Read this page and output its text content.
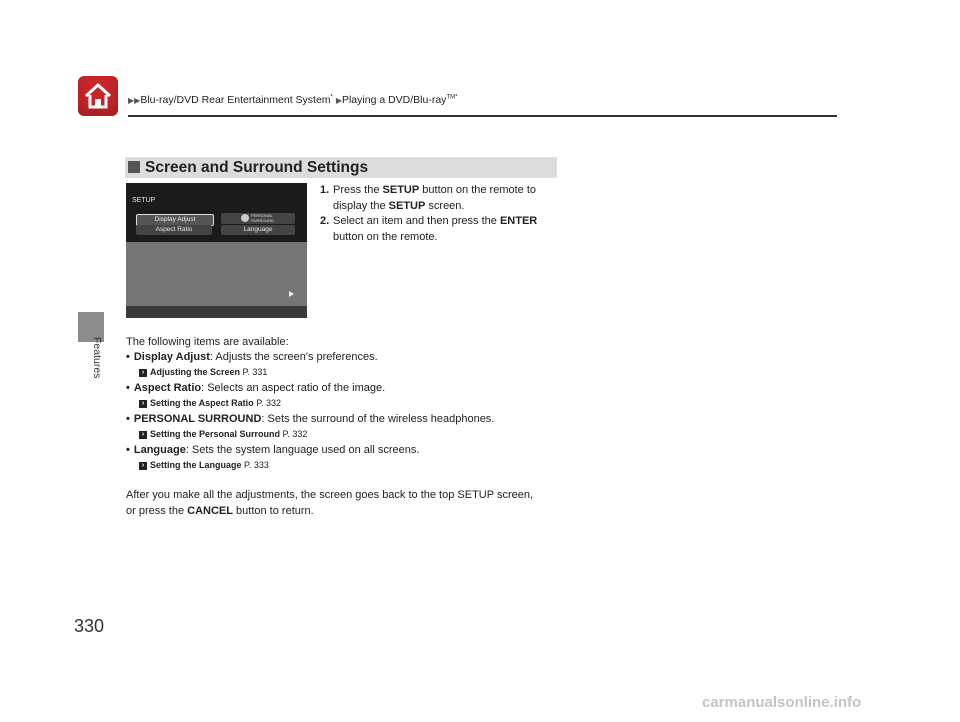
▶▶Blu-ray/DVD Rear Entertainment System* ▶Playing a DVD/Blu-ray$^{TM*}$
Features
330
Screen and Surround Settings
SETUP
Display Adjust
Aspect Ratio
PERSONAL SURROUND
Language
1. Press the SETUP button on the remote to
display the SETUP screen.
2. Select an item and then press the ENTER
button on the remote.
The following items are available:
• Display Adjust: Adjusts the screen's preferences.
› Adjusting the Screen P. 331
• Aspect Ratio: Selects an aspect ratio of the image.
› Setting the Aspect Ratio P. 332
• PERSONAL SURROUND: Sets the surround of the wireless headphones.
› Setting the Personal Surround P. 332
• Language: Sets the system language used on all screens.
› Setting the Language P. 333
After you make all the adjustments, the screen goes back to the top SETUP screen,
or press the CANCEL button to return.
carmanualsonline.info
